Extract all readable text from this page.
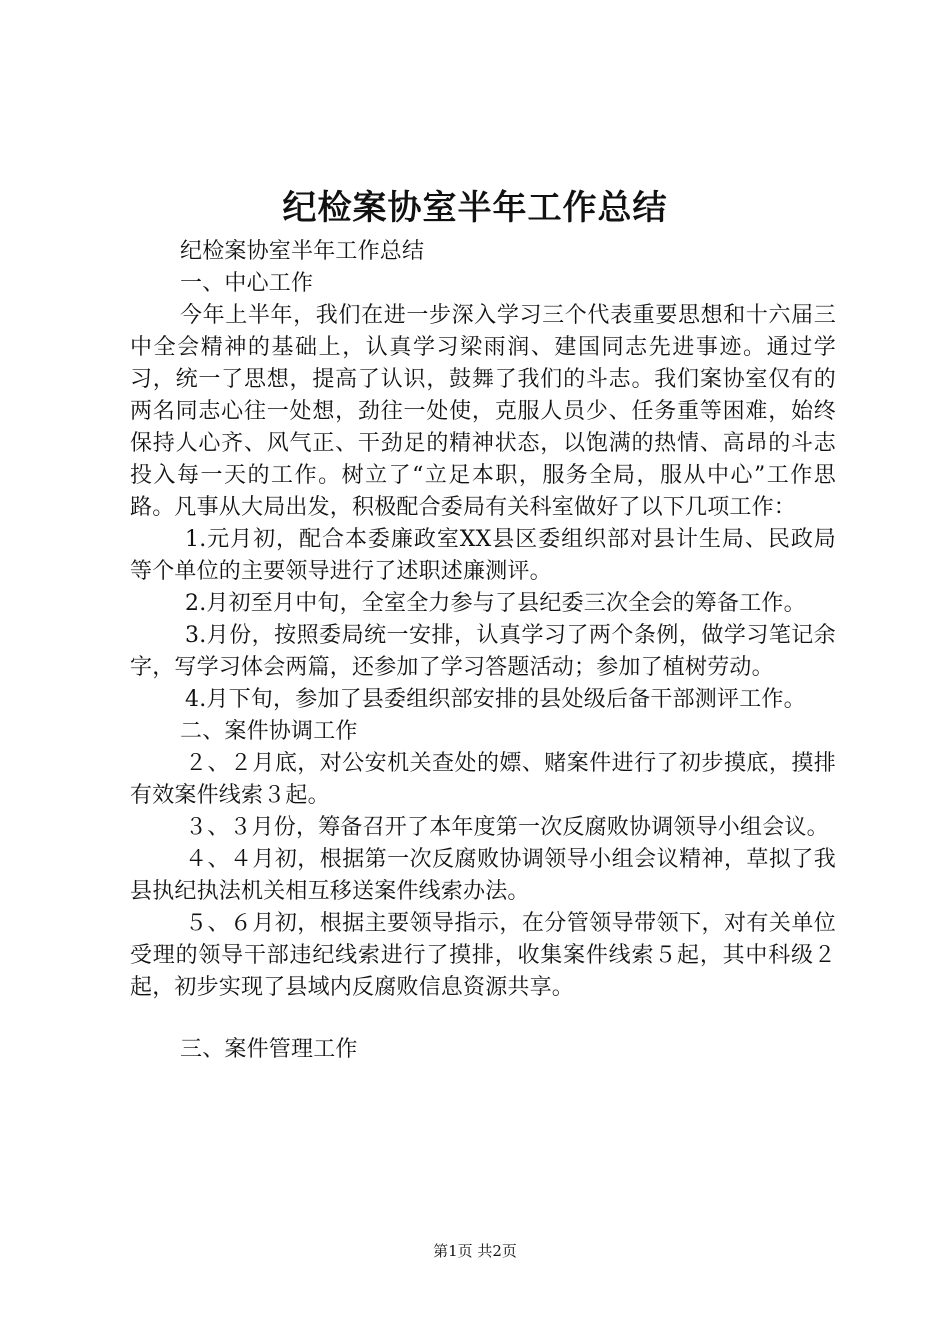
纪检案协室半年工作总结

纪检案协室半年工作总结

一、中心工作

今年上半年，我们在进一步深入学习三个代表重要思想和十六届三中全会精神的基础上，认真学习梁雨润、建国同志先进事迹。通过学习，统一了思想，提高了认识，鼓舞了我们的斗志。我们案协室仅有的两名同志心往一处想，劲往一处使，克服人员少、任务重等困难，始终保持人心齐、风气正、干劲足的精神状态，以饱满的热情、高昂的斗志投入每一天的工作。树立了“立足本职，服务全局，服从中心”工作思路。凡事从大局出发，积极配合委局有关科室做好了以下几项工作：

1.元月初，配合本委廉政室XX县区委组织部对县计生局、民政局等个单位的主要领导进行了述职述廉测评。

2.月初至月中旬，全室全力参与了县纪委三次全会的筹备工作。

3.月份，按照委局统一安排，认真学习了两个条例，做学习笔记余字，写学习体会两篇，还参加了学习答题活动；参加了植树劳动。

4.月下旬，参加了县委组织部安排的县处级后备干部测评工作。

二、案件协调工作

２、２月底，对公安机关查处的嫖、赌案件进行了初步摸底，摸排有效案件线索３起。

３、３月份，筹备召开了本年度第一次反腐败协调领导小组会议。

４、４月初，根据第一次反腐败协调领导小组会议精神，草拟了我县执纪执法机关相互移送案件线索办法。

５、６月初，根据主要领导指示，在分管领导带领下，对有关单位受理的领导干部违纪线索进行了摸排，收集案件线索５起，其中科级２起，初步实现了县域内反腐败信息资源共享。

三、案件管理工作

第1页 共2页
